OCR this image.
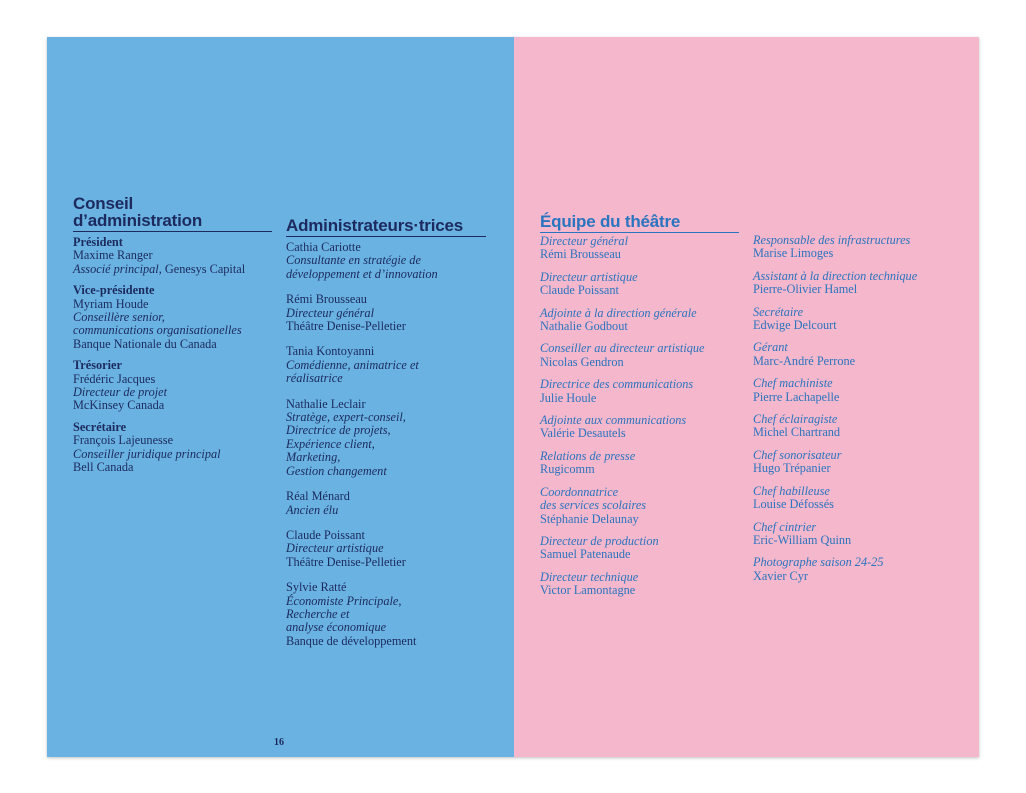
Conseil
d’administration
Président
Maxime Ranger
Associé principal, Genesys Capital
Vice-présidente
Myriam Houde
Conseillère senior,
communications organisationelles
Banque Nationale du Canada
Trésorier
Frédéric Jacques
Directeur de projet
McKinsey Canada
Secrétaire
François Lajeunesse
Conseiller juridique principal
Bell Canada
Administrateurs·trices
Cathia Cariotte
Consultante en stratégie de
développement et d’innovation
Rémi Brousseau
Directeur général
Théâtre Denise-Pelletier
Tania Kontoyanni
Comédienne, animatrice et
réalisatrice
Nathalie Leclair
Stratège, expert-conseil,
Directrice de projets,
Expérience client,
Marketing,
Gestion changement
Réal Ménard
Ancien élu
Claude Poissant
Directeur artistique
Théâtre Denise-Pelletier
Sylvie Ratté
Économiste Principale,
Recherche et
analyse économique
Banque de développement
16
Équipe du théâtre
Directeur général
Rémi Brousseau
Directeur artistique
Claude Poissant
Adjointe à la direction générale
Nathalie Godbout
Conseiller au directeur artistique
Nicolas Gendron
Directrice des communications
Julie Houle
Adjointe aux communications
Valérie Desautels
Relations de presse
Rugicomm
Coordonnatrice
des services scolaires
Stéphanie Delaunay
Directeur de production
Samuel Patenaude
Directeur technique
Victor Lamontagne
Responsable des infrastructures
Marise Limoges
Assistant à la direction technique
Pierre-Olivier Hamel
Secrétaire
Edwige Delcourt
Gérant
Marc-André Perrone
Chef machiniste
Pierre Lachapelle
Chef éclairagiste
Michel Chartrand
Chef sonorisateur
Hugo Trépanier
Chef habilleuse
Louise Défossés
Chef cintrier
Eric-William Quinn
Photographe saison 24-25
Xavier Cyr
